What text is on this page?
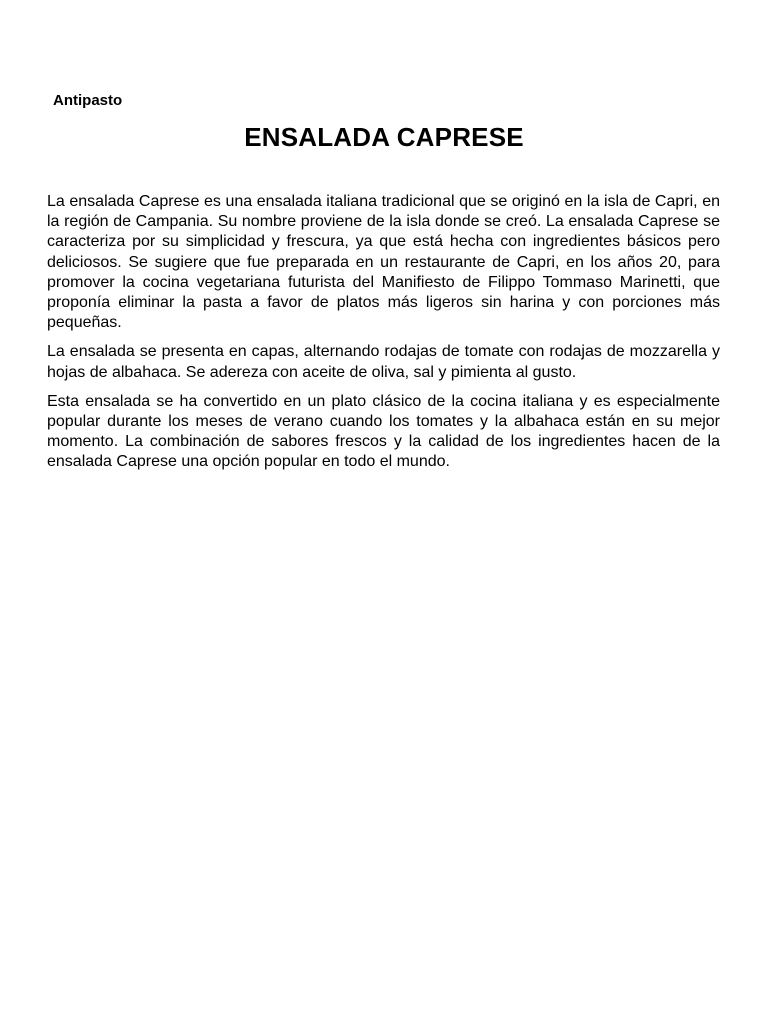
Antipasto
ENSALADA CAPRESE

La ensalada Caprese es una ensalada italiana tradicional que se originó en la isla de Capri, en la región de Campania. Su nombre proviene de la isla donde se creó. La ensalada Caprese se caracteriza por su simplicidad y frescura, ya que está hecha con ingredientes básicos pero deliciosos. Se sugiere que fue preparada en un restaurante de Capri, en los años 20, para promover la cocina vegetariana futurista del Manifiesto de Filippo Tommaso Marinetti, que proponía eliminar la pasta a favor de platos más ligeros sin harina y con porciones más pequeñas.

La ensalada se presenta en capas, alternando rodajas de tomate con rodajas de mozzarella y hojas de albahaca. Se adereza con aceite de oliva, sal y pimienta al gusto.

Esta ensalada se ha convertido en un plato clásico de la cocina italiana y es especialmente popular durante los meses de verano cuando los tomates y la albahaca están en su mejor momento. La combinación de sabores frescos y la calidad de los ingredientes hacen de la ensalada Caprese una opción popular en todo el mundo.
